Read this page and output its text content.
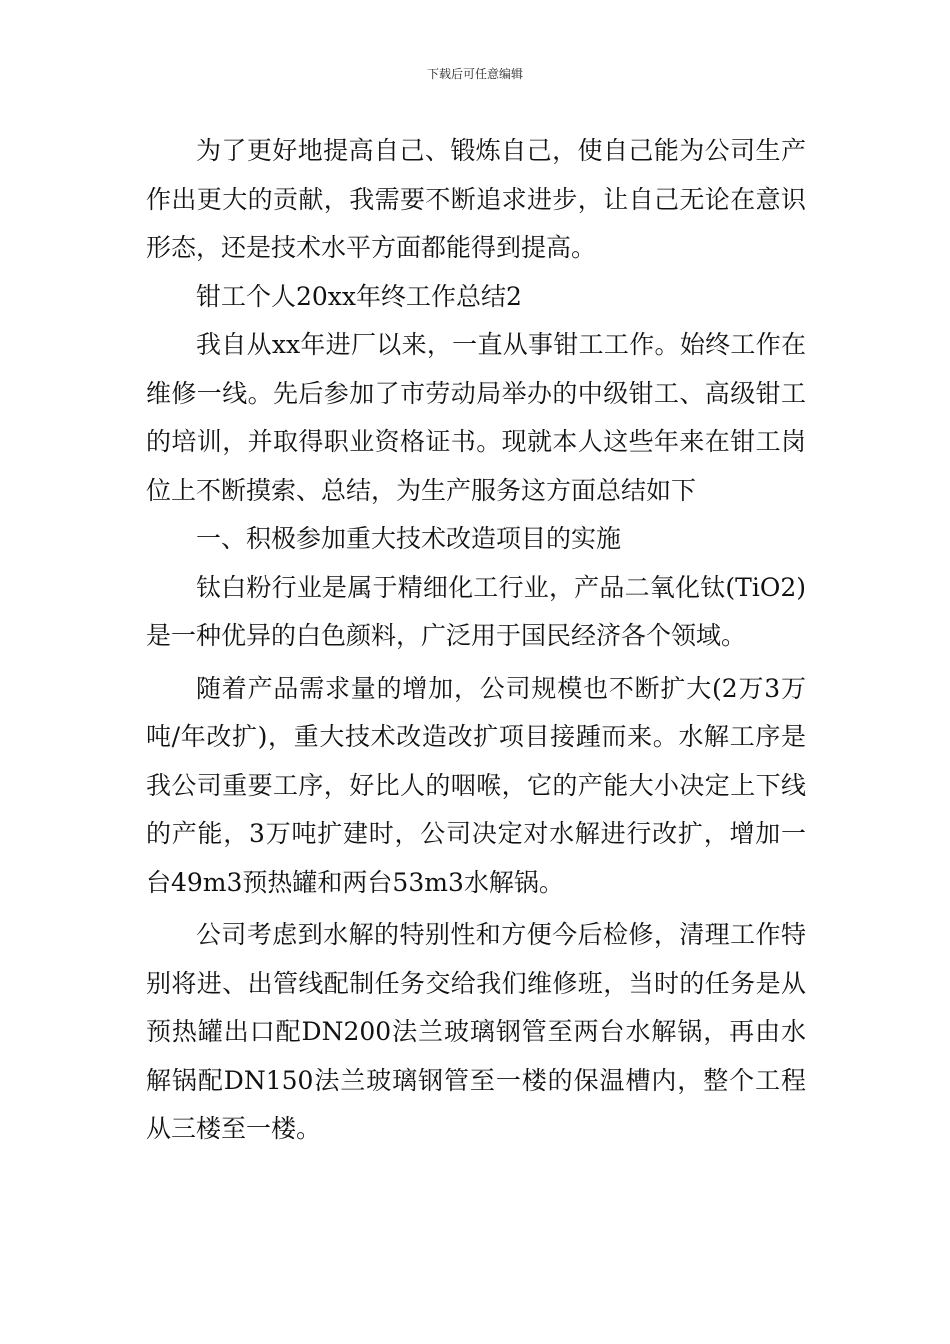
下载后可任意编辑

为了更好地提高自己、锻炼自己，使自己能为公司生产作出更大的贡献，我需要不断追求进步，让自己无论在意识形态，还是技术水平方面都能得到提高。

钳工个人20xx年终工作总结2

我自从xx年进厂以来，一直从事钳工工作。始终工作在维修一线。先后参加了市劳动局举办的中级钳工、高级钳工的培训，并取得职业资格证书。现就本人这些年来在钳工岗位上不断摸索、总结，为生产服务这方面总结如下

一、积极参加重大技术改造项目的实施

钛白粉行业是属于精细化工行业，产品二氧化钛(TiO2)是一种优异的白色颜料，广泛用于国民经济各个领域。

随着产品需求量的增加，公司规模也不断扩大(2万3万吨/年改扩)，重大技术改造改扩项目接踵而来。水解工序是我公司重要工序，好比人的咽喉，它的产能大小决定上下线的产能，3万吨扩建时，公司决定对水解进行改扩，增加一台49m3预热罐和两台53m3水解锅。

公司考虑到水解的特别性和方便今后检修，清理工作特别将进、出管线配制任务交给我们维修班，当时的任务是从预热罐出口配DN200法兰玻璃钢管至两台水解锅，再由水解锅配DN150法兰玻璃钢管至一楼的保温槽内，整个工程从三楼至一楼。
